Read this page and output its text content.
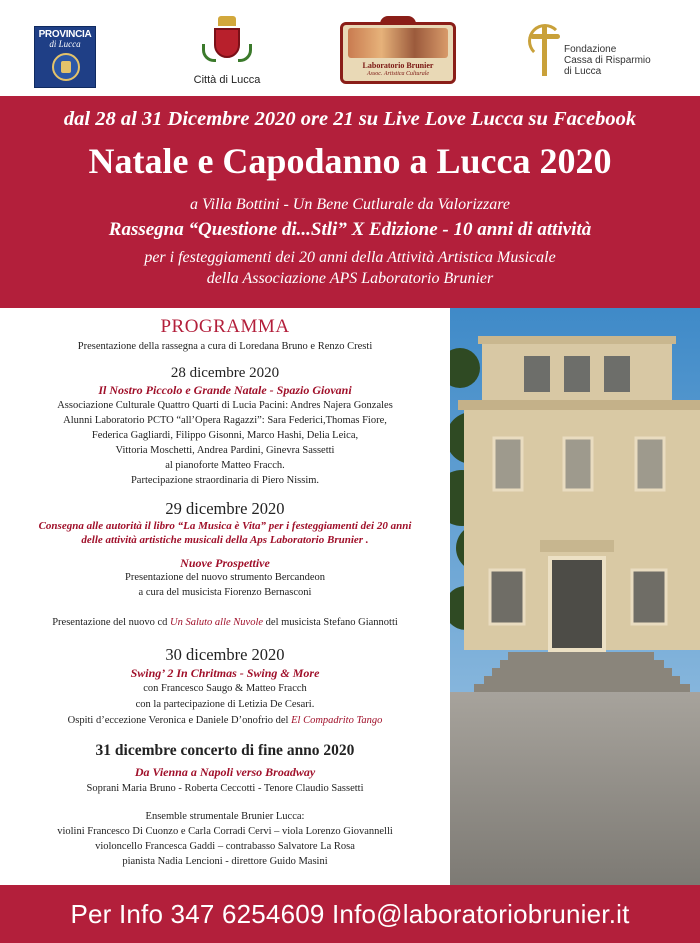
PROVINCIA
di Lucca
Città di Lucca
Laboratorio Brunier
Assoc. Artistica Culturale
Fondazione
Cassa di Risparmio
di Lucca
dal 28 al 31 Dicembre 2020 ore 21 su Live Love Lucca su Facebook
Natale e Capodanno a Lucca 2020
a Villa Bottini - Un Bene Cutlurale da Valorizzare
Rassegna “Questione di...Stli” X Edizione - 10 anni di attività
per i festeggiamenti dei 20 anni della Attività Artistica Musicale
della Associazione APS Laboratorio Brunier
PROGRAMMA
Presentazione della rassegna a cura di Loredana Bruno e Renzo Cresti
28 dicembre 2020
Il Nostro Piccolo e Grande Natale - Spazio Giovani
Associazione Culturale Quattro Quarti di Lucia Pacini: Andres Najera Gonzales
Alunni Laboratorio PCTO “all’Opera Ragazzi”: Sara Federici,Thomas Fiore,
Federica Gagliardi, Filippo Gisonni, Marco Hashi, Delia Leica,
Vittoria Moschetti, Andrea Pardini, Ginevra Sassetti
al pianoforte Matteo Fracch.
Partecipazione straordinaria di Piero Nissim.
29 dicembre 2020
Consegna alle autorità il libro “La Musica è Vita” per i festeggiamenti dei 20 anni
delle attività artistiche musicali della Aps Laboratorio Brunier .
Nuove Prospettive
Presentazione del nuovo strumento Bercandeon
a cura del musicista Fiorenzo Bernasconi
Presentazione del nuovo cd Un Saluto alle Nuvole del musicista Stefano Giannotti
30 dicembre 2020
Swing’ 2 In Chritmas - Swing & More
con Francesco Saugo & Matteo Fracch
con la partecipazione di Letizia De Cesari.
Ospiti d’eccezione Veronica e Daniele D’onofrio del El Compadrito Tango
31 dicembre concerto di fine anno 2020
Da Vienna a Napoli verso Broadway
Soprani Maria Bruno - Roberta Ceccotti - Tenore Claudio Sassetti
Ensemble strumentale Brunier Lucca:
violini Francesco Di Cuonzo e Carla Corradi Cervi – viola Lorenzo Giovannelli
violoncello Francesca Gaddi – contrabasso Salvatore La Rosa
pianista Nadia Lencioni - direttore Guido Masini
Per Info 347 6254609 Info@laboratoriobrunier.it
